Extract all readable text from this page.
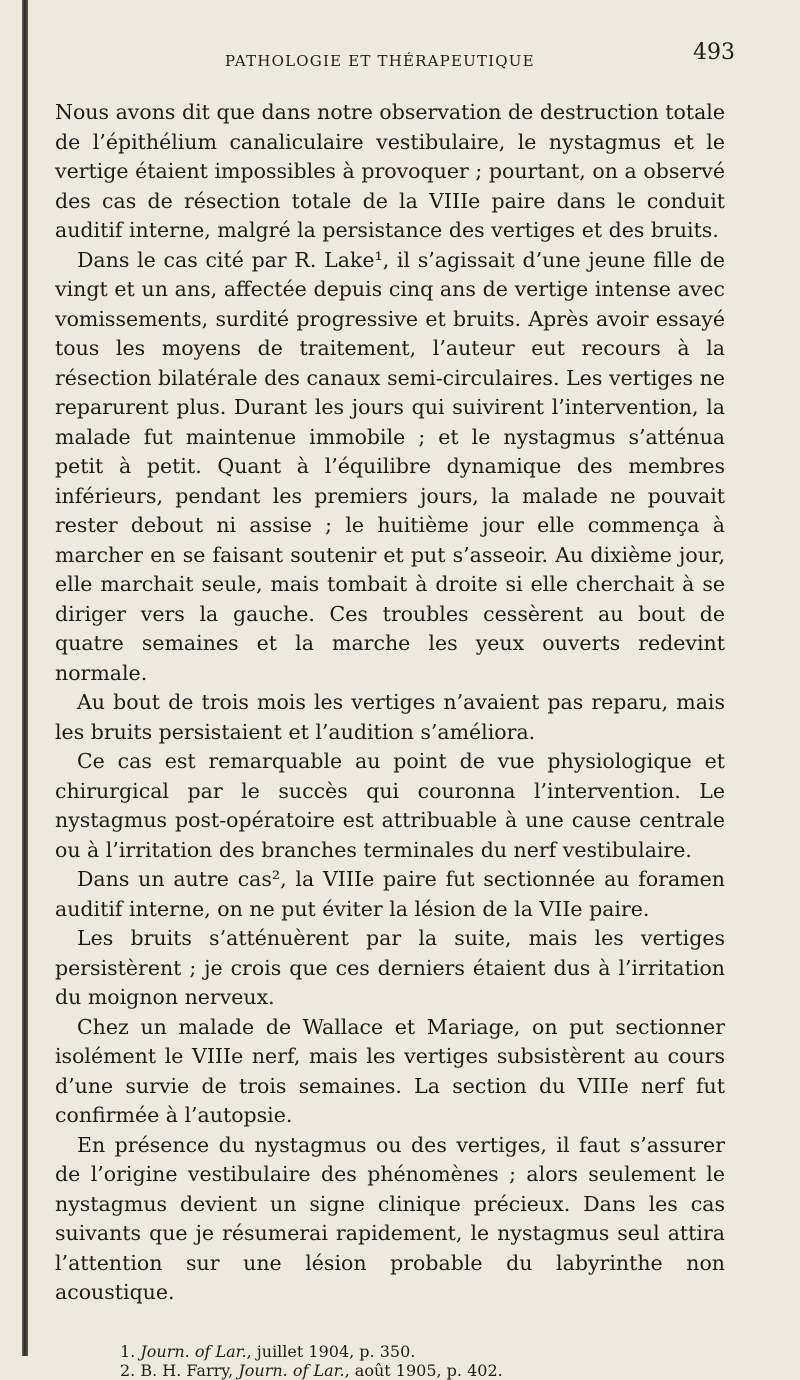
PATHOLOGIE ET THÉRAPEUTIQUE	493

Nous avons dit que dans notre observation de destruction totale de l’épithélium canaliculaire vestibulaire, le nystagmus et le vertige étaient impossibles à provoquer ; pourtant, on a observé des cas de résection totale de la VIIIe paire dans le conduit auditif interne, malgré la persistance des vertiges et des bruits.

Dans le cas cité par R. Lake¹, il s’agissait d’une jeune fille de vingt et un ans, affectée depuis cinq ans de vertige intense avec vomissements, surdité progressive et bruits. Après avoir essayé tous les moyens de traitement, l’auteur eut recours à la résection bilatérale des canaux semi-circulaires. Les vertiges ne reparurent plus. Durant les jours qui suivirent l’intervention, la malade fut maintenue immobile ; et le nystagmus s’atténua petit à petit. Quant à l’équilibre dynamique des membres inférieurs, pendant les premiers jours, la malade ne pouvait rester debout ni assise ; le huitième jour elle commença à marcher en se faisant soutenir et put s’asseoir. Au dixième jour, elle marchait seule, mais tombait à droite si elle cherchait à se diriger vers la gauche. Ces troubles cessèrent au bout de quatre semaines et la marche les yeux ouverts redevint normale.

Au bout de trois mois les vertiges n’avaient pas reparu, mais les bruits persistaient et l’audition s’améliora.

Ce cas est remarquable au point de vue physiologique et chirurgical par le succès qui couronna l’intervention. Le nystagmus post-opératoire est attribuable à une cause centrale ou à l’irritation des branches terminales du nerf vestibulaire.

Dans un autre cas², la VIIIe paire fut sectionnée au foramen auditif interne, on ne put éviter la lésion de la VIIe paire.

Les bruits s’atténuèrent par la suite, mais les vertiges persistèrent ; je crois que ces derniers étaient dus à l’irritation du moignon nerveux.

Chez un malade de Wallace et Mariage, on put sectionner isolément le VIIIe nerf, mais les vertiges subsistèrent au cours d’une survie de trois semaines. La section du VIIIe nerf fut confirmée à l’autopsie.

En présence du nystagmus ou des vertiges, il faut s’assurer de l’origine vestibulaire des phénomènes ; alors seulement le nystagmus devient un signe clinique précieux. Dans les cas suivants que je résumerai rapidement, le nystagmus seul attira l’attention sur une lésion probable du labyrinthe non acoustique.

1. Journ. of Lar., juillet 1904, p. 350.

2. B. H. Farry, Journ. of Lar., août 1905, p. 402.
